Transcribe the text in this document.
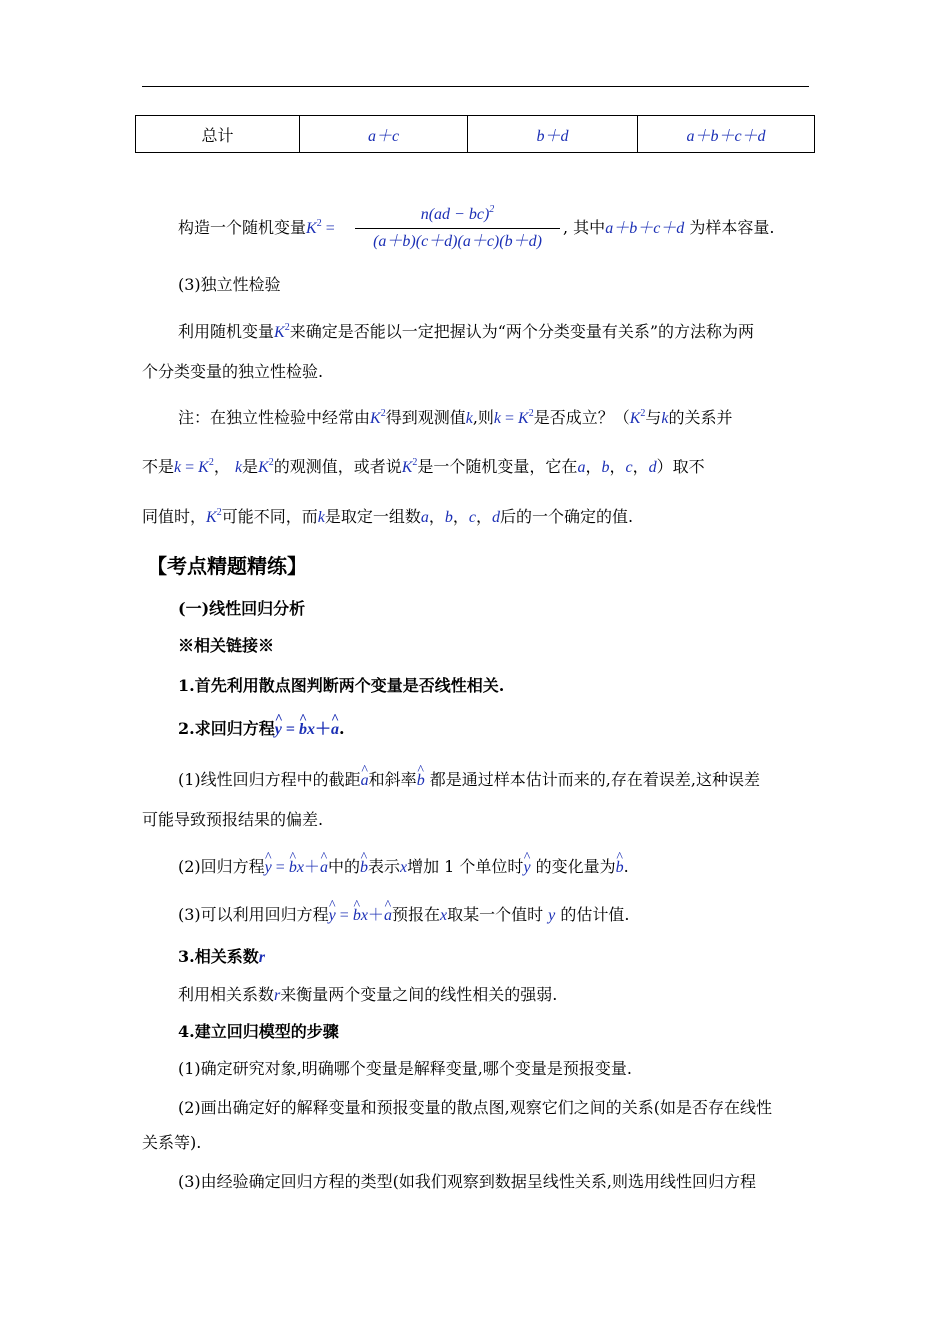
总计	a＋c	b＋d	a＋b＋c＋d
构造一个随机变量$K^2$ =
n(ad − bc)$^2$
(a＋b)(c＋d)(a＋c)(b＋d)
, 其中a＋b＋c＋d 为样本容量.
(3)独立性检验
利用随机变量$K^2$来确定是否能以一定把握认为“两个分类变量有关系”的方法称为两
个分类变量的独立性检验.
注：在独立性检验中经常由$K^2$得到观测值k,则$k = K^2$是否成立？（$K^2$与k的关系并
不是$k = K^2$， k是$K^2$的观测值，或者说$K^2$是一个随机变量，它在a，b，c，d）取不
同值时，$K^2$可能不同，而k是取定一组数a，b，c，d后的一个确定的值.
【考点精题精练】
(一)线性回归分析
※相关链接※
1.首先利用散点图判断两个变量是否线性相关.
2.求回归方程^ y = ^ bx＋^ a.
(1)线性回归方程中的截距^ a和斜率^ b 都是通过样本估计而来的,存在着误差,这种误差
可能导致预报结果的偏差.
(2)回归方程^ y = ^ bx＋^ a中的^ b表示x增加 1 个单位时^ y 的变化量为^ b.
(3)可以利用回归方程^ y = ^ bx＋^ a预报在x取某一个值时 y 的估计值.
3.相关系数r
利用相关系数r来衡量两个变量之间的线性相关的强弱.
4.建立回归模型的步骤
(1)确定研究对象,明确哪个变量是解释变量,哪个变量是预报变量.
(2)画出确定好的解释变量和预报变量的散点图,观察它们之间的关系(如是否存在线性
关系等).
(3)由经验确定回归方程的类型(如我们观察到数据呈线性关系,则选用线性回归方程
